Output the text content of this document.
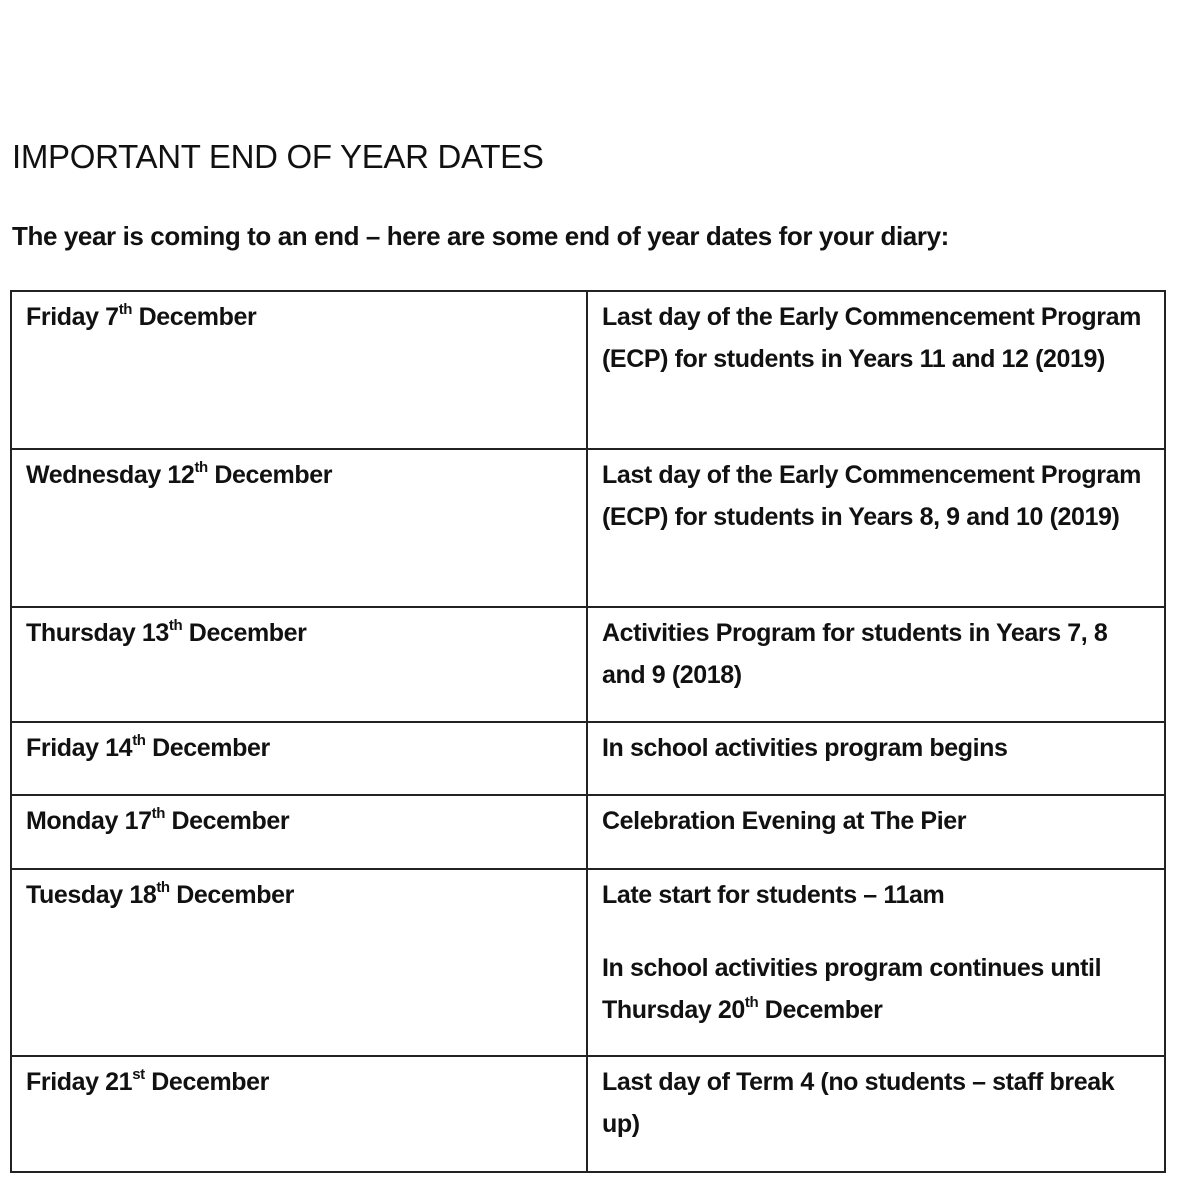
IMPORTANT END OF YEAR DATES

The year is coming to an end – here are some end of year dates for your diary:

Friday 7th December	Last day of the Early Commencement Program (ECP) for students in Years 11 and 12 (2019)
Wednesday 12th December	Last day of the Early Commencement Program (ECP) for students in Years 8, 9 and 10 (2019)
Thursday 13th December	Activities Program for students in Years 7, 8 and 9 (2018)
Friday 14th December	In school activities program begins
Monday 17th December	Celebration Evening at The Pier
Tuesday 18th December	Late start for students – 11am
In school activities program continues until Thursday 20th December

Friday 21st December	Last day of Term 4 (no students – staff break up)
